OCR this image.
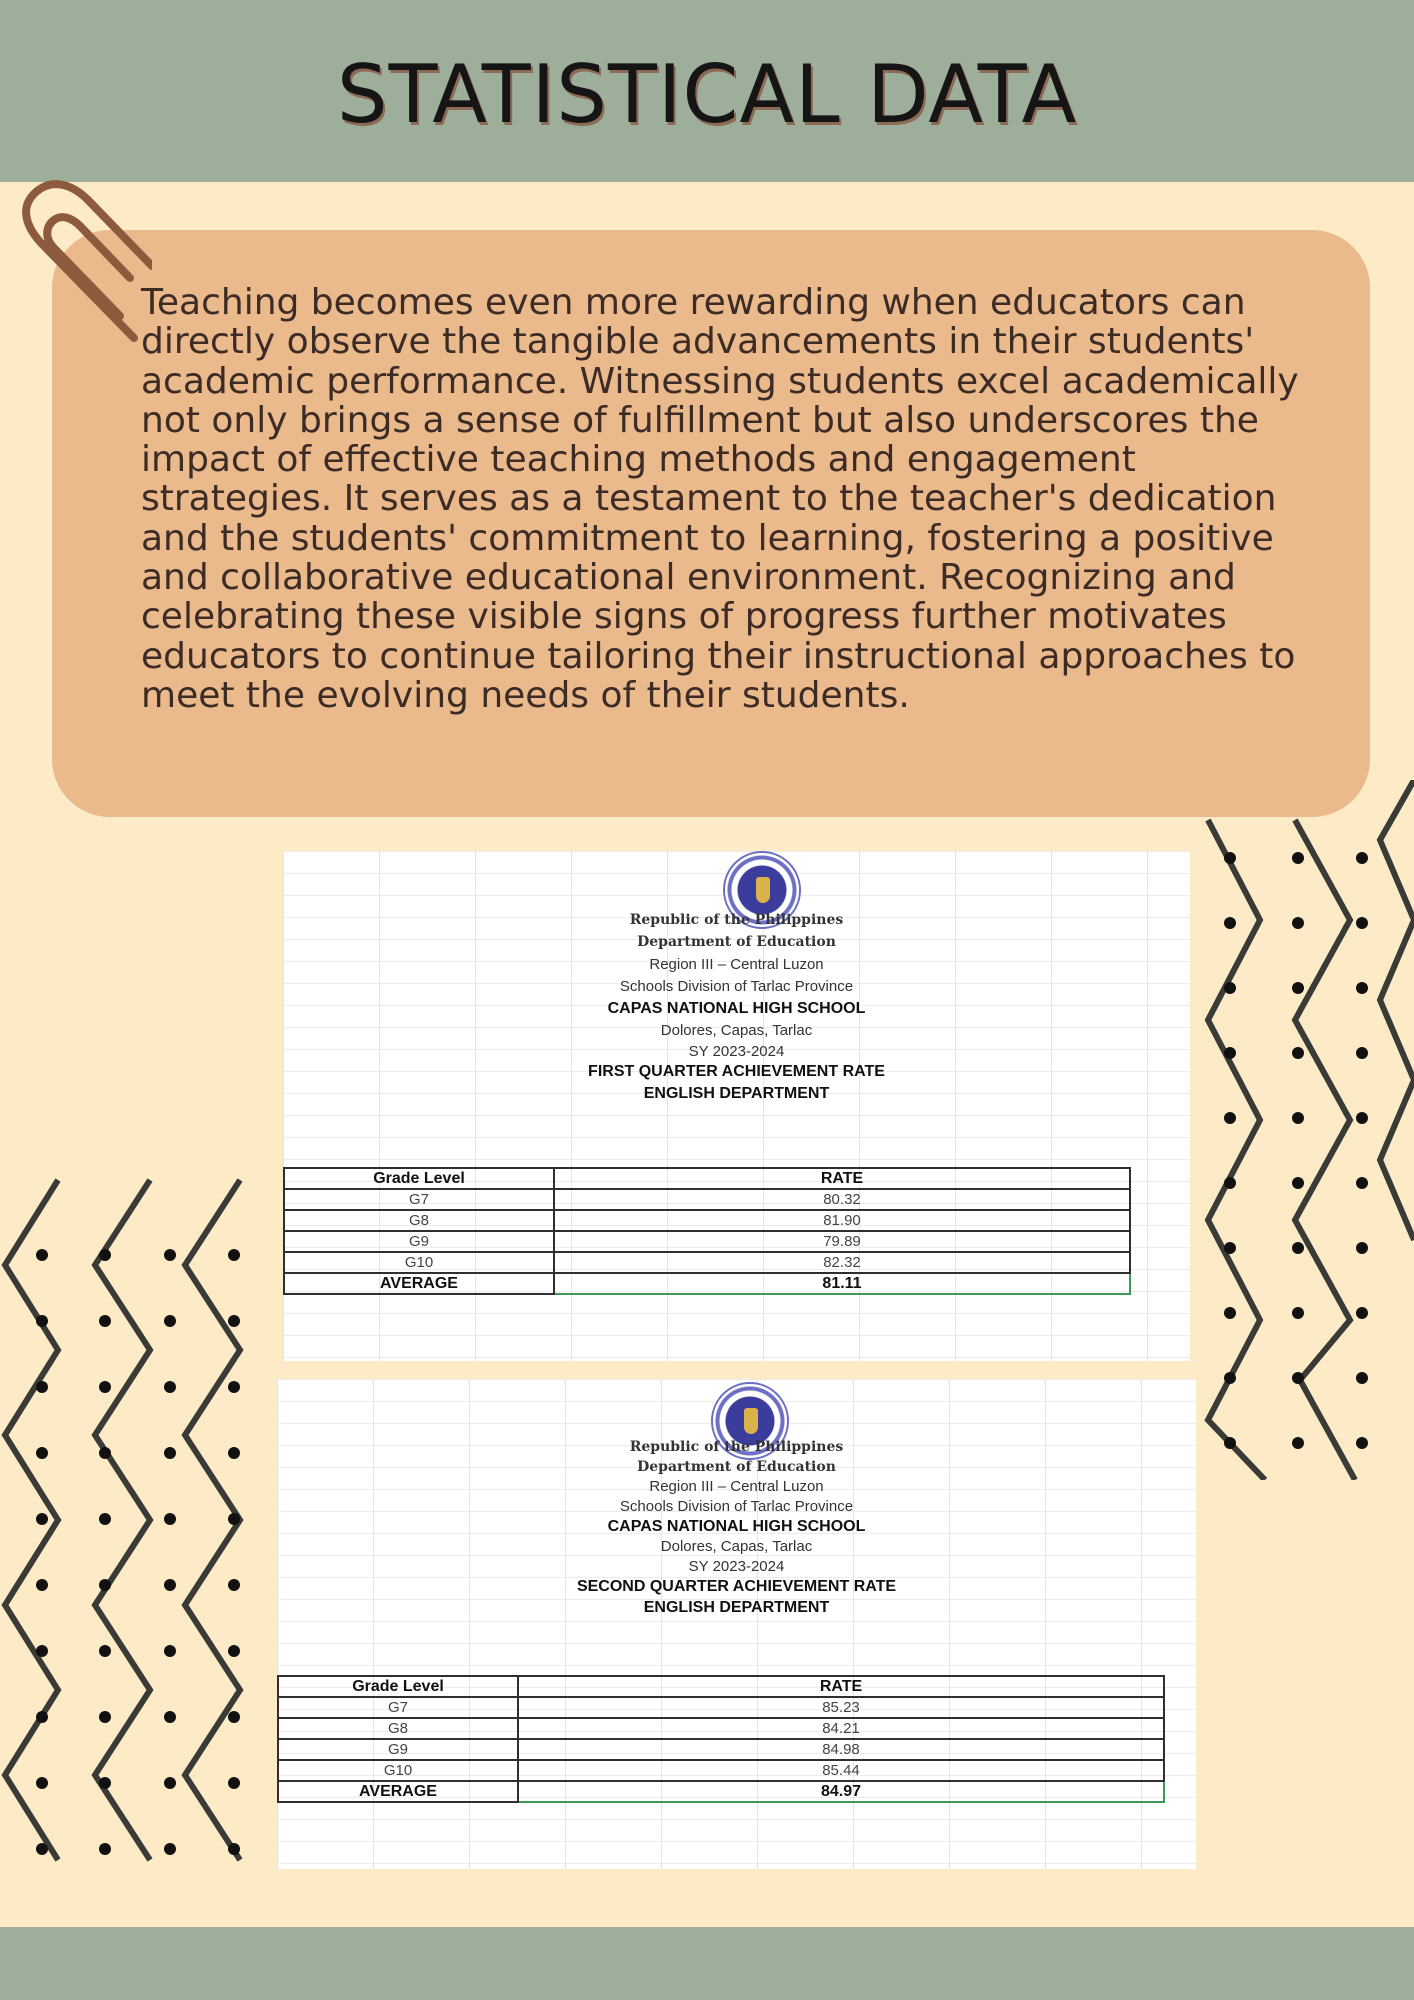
STATISTICAL DATA

Teaching becomes even more rewarding when educators can directly observe the tangible advancements in their students' academic performance. Witnessing students excel academically not only brings a sense of fulfillment but also underscores the impact of effective teaching methods and engagement strategies. It serves as a testament to the teacher's dedication and the students' commitment to learning, fostering a positive and collaborative educational environment. Recognizing and celebrating these visible signs of progress further motivates educators to continue tailoring their instructional approaches to meet the evolving needs of their students.

Republic of the Philippines

Department of Education

Region III – Central Luzon

Schools Division of Tarlac Province

CAPAS NATIONAL HIGH SCHOOL

Dolores, Capas, Tarlac

SY 2023-2024

FIRST QUARTER ACHIEVEMENT RATE

ENGLISH DEPARTMENT

Grade Level	RATE
G7	80.32
G8	81.90
G9	79.89
G10	82.32
AVERAGE	81.11

Republic of the Philippines

Department of Education

Region III – Central Luzon

Schools Division of Tarlac Province

CAPAS NATIONAL HIGH SCHOOL

Dolores, Capas, Tarlac

SY 2023-2024

SECOND QUARTER ACHIEVEMENT RATE

ENGLISH DEPARTMENT

Grade Level	RATE
G7	85.23
G8	84.21
G9	84.98
G10	85.44
AVERAGE	84.97
